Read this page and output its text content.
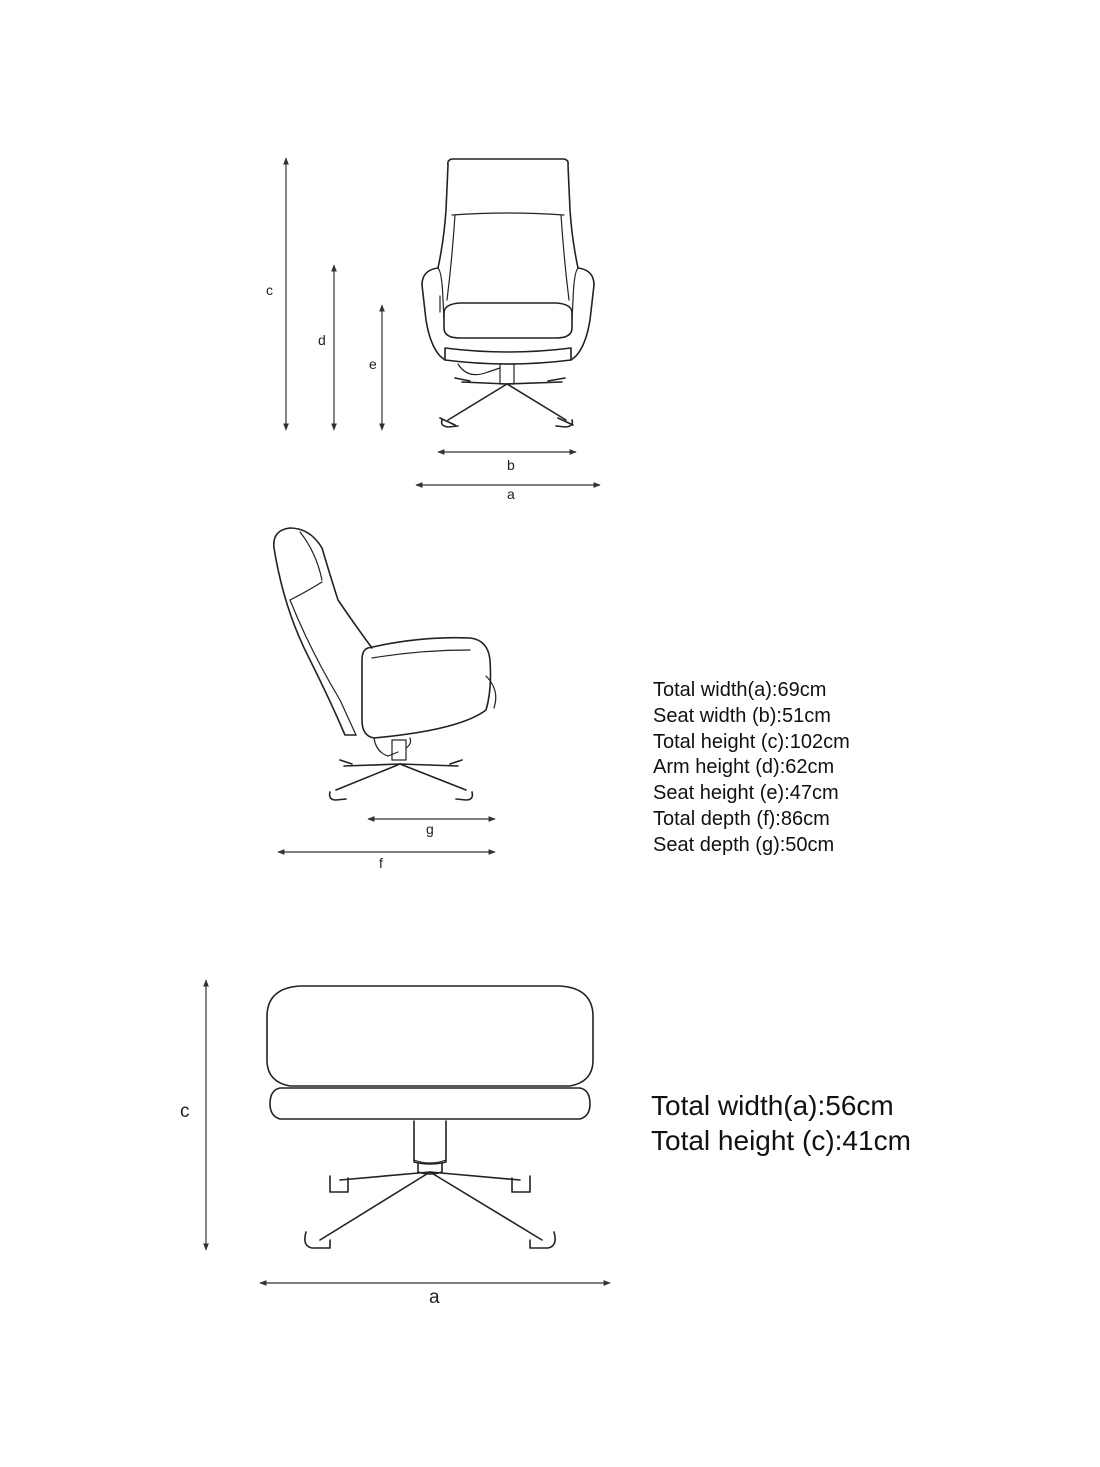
c
d
e
b
a
g
f
c
a
Total width(a):69cm
Seat width (b):51cm
Total height (c):102cm
Arm height (d):62cm
Seat height (e):47cm
Total depth (f):86cm
Seat depth (g):50cm
Total width(a):56cm
Total height (c):41cm
